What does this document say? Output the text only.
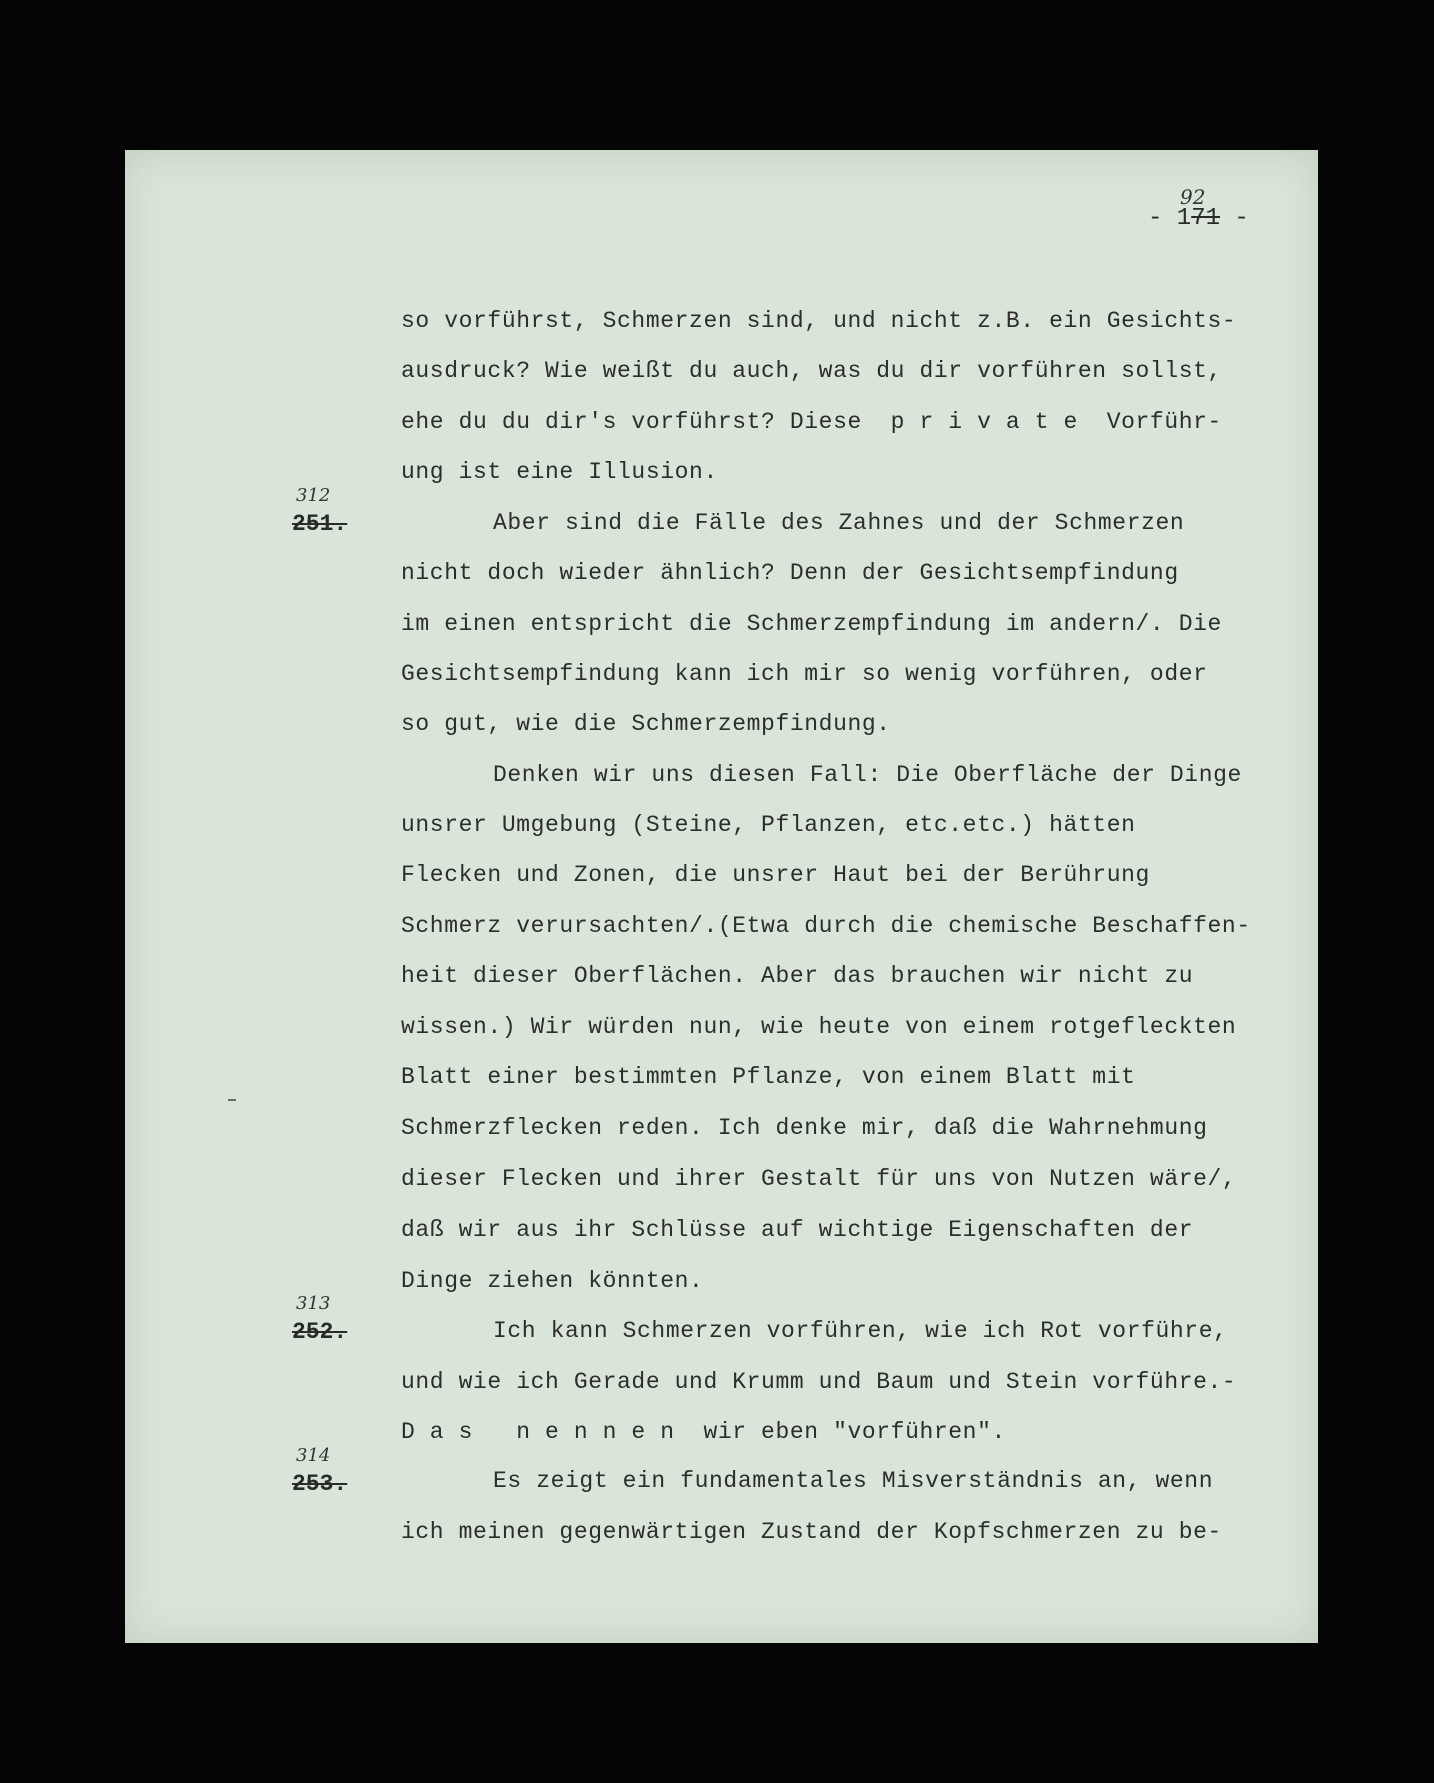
- 171
92
-
so vorführst, Schmerzen sind, und nicht z.B. ein Gesichts-
ausdruck? Wie weißt du auch, was du dir vorführen sollst,
ehe du du dir's vorführst? Diese  p r i v a t e  Vorführ-
ung ist eine Illusion.
251.
312
Aber sind die Fälle des Zahnes und der Schmerzen
nicht doch wieder ähnlich? Denn der Gesichtsempfindung
im einen entspricht die Schmerzempfindung im andern/. Die
Gesichtsempfindung kann ich mir so wenig vorführen, oder
so gut, wie die Schmerzempfindung.
Denken wir uns diesen Fall: Die Oberfläche der Dinge
unsrer Umgebung (Steine, Pflanzen, etc.etc.) hätten
Flecken und Zonen, die unsrer Haut bei der Berührung
Schmerz verursachten/.(Etwa durch die chemische Beschaffen-
heit dieser Oberflächen. Aber das brauchen wir nicht zu
wissen.) Wir würden nun, wie heute von einem rotgefleckten
Blatt einer bestimmten Pflanze, von einem Blatt mit
Schmerzflecken reden. Ich denke mir, daß die Wahrnehmung
dieser Flecken und ihrer Gestalt für uns von Nutzen wäre/,
daß wir aus ihr Schlüsse auf wichtige Eigenschaften der
Dinge ziehen könnten.
252.
313
Ich kann Schmerzen vorführen, wie ich Rot vorführe,
und wie ich Gerade und Krumm und Baum und Stein vorführe.-
D a s   n e n n e n  wir eben "vorführen".
253.
314
Es zeigt ein fundamentales Misverständnis an, wenn
ich meinen gegenwärtigen Zustand der Kopfschmerzen zu be-
